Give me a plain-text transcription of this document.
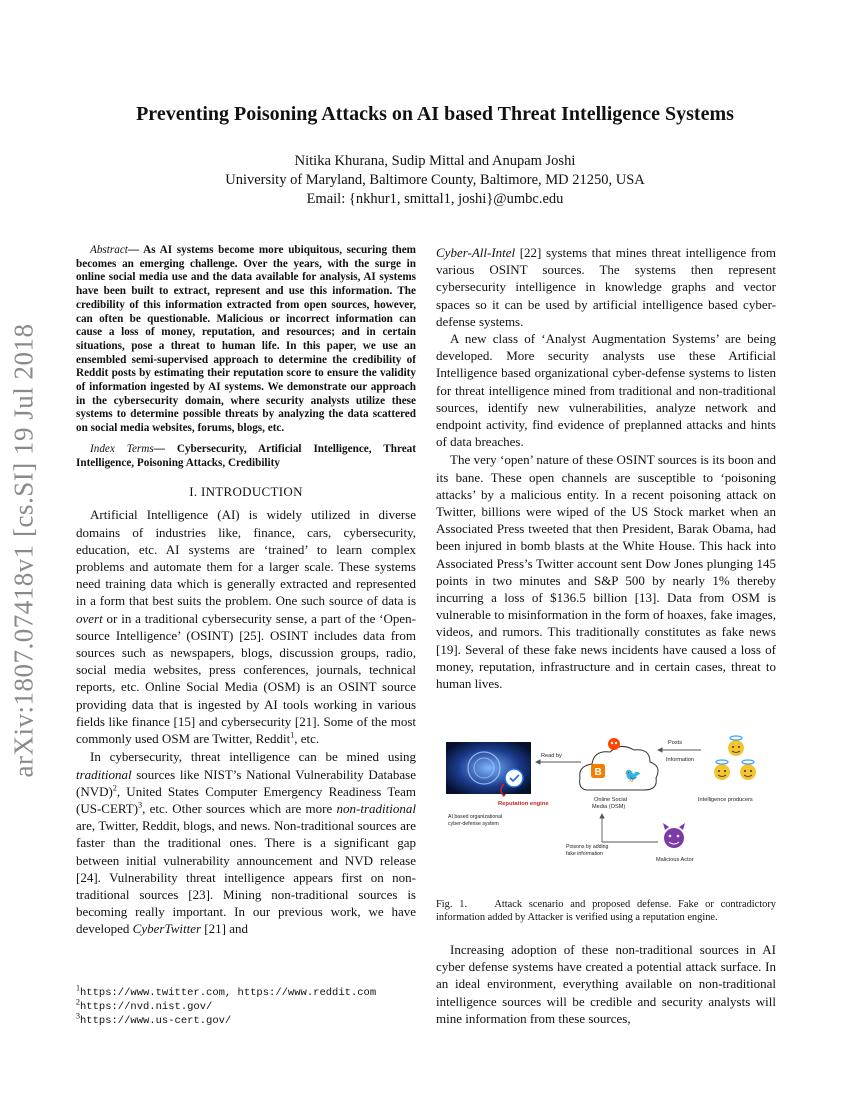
arXiv:1807.07418v1 [cs.SI] 19 Jul 2018
Preventing Poisoning Attacks on AI based Threat Intelligence Systems
Nitika Khurana, Sudip Mittal and Anupam Joshi
University of Maryland, Baltimore County, Baltimore, MD 21250, USA
Email: {nkhur1, smittal1, joshi}@umbc.edu

Abstract— As AI systems become more ubiquitous, securing them becomes an emerging challenge. Over the years, with the surge in online social media use and the data available for analysis, AI systems have been built to extract, represent and use this information. The credibility of this information extracted from open sources, however, can often be questionable. Malicious or incorrect information can cause a loss of money, reputation, and resources; and in certain situations, pose a threat to human life. In this paper, we use an ensembled semi-supervised approach to determine the credibility of Reddit posts by estimating their reputation score to ensure the validity of information ingested by AI systems. We demonstrate our approach in the cybersecurity domain, where security analysts utilize these systems to determine possible threats by analyzing the data scattered on social media websites, forums, blogs, etc.

Index Terms— Cybersecurity, Artificial Intelligence, Threat Intelligence, Poisoning Attacks, Credibility

I. INTRODUCTION

Artificial Intelligence (AI) is widely utilized in diverse domains of industries like, finance, cars, cybersecurity, education, etc. AI systems are ‘trained’ to learn complex problems and automate them for a larger scale. These systems need training data which is generally extracted and represented in a form that best suits the problem. One such source of data is overt or in a traditional cybersecurity sense, a part of the ‘Open-source Intelligence’ (OSINT) [25]. OSINT includes data from sources such as newspapers, blogs, discussion groups, radio, social media websites, press conferences, journals, technical reports, etc. Online Social Media (OSM) is an OSINT source providing data that is ingested by AI tools working in various fields like finance [15] and cybersecurity [21]. Some of the most commonly used OSM are Twitter, Reddit$^1$, etc.

In cybersecurity, threat intelligence can be mined using traditional sources like NIST’s National Vulnerability Database (NVD)$^2$, United States Computer Emergency Readiness Team (US-CERT)$^3$, etc. Other sources which are more non-traditional are, Twitter, Reddit, blogs, and news. Non-traditional sources are faster than the traditional ones. There is a significant gap between initial vulnerability announcement and NVD release [24]. Vulnerability threat intelligence appears first on non-traditional sources [23]. Mining non-traditional sources is becoming really important. In our previous work, we have developed CyberTwitter [21] and

$^1$https://www.twitter.com, https://www.reddit.com
$^2$https://nvd.nist.gov/
$^3$https://www.us-cert.gov/

Cyber-All-Intel [22] systems that mines threat intelligence from various OSINT sources. The systems then represent cybersecurity intelligence in knowledge graphs and vector spaces so it can be used by artificial intelligence based cyber-defense systems.

A new class of ‘Analyst Augmentation Systems’ are being developed. More security analysts use these Artificial Intelligence based organizational cyber-defense systems to listen for threat intelligence mined from traditional and non-traditional sources, identify new vulnerabilities, analyze network and endpoint activity, find evidence of preplanned attacks and hints of data breaches.

The very ‘open’ nature of these OSINT sources is its boon and its bane. These open channels are susceptible to ‘poisoning attacks’ by a malicious entity. In a recent poisoning attack on Twitter, billions were wiped of the US Stock market when an Associated Press tweeted that then President, Barak Obama, had been injured in bomb blasts at the White House. This hack into Associated Press’s Twitter account sent Dow Jones plunging 145 points in two minutes and S&P 500 by nearly 1% thereby incurring a loss of $136.5 billion [13]. Data from OSM is vulnerable to misinformation in the form of hoaxes, fake images, videos, and rumors. This traditionally constitutes as fake news [19]. Several of these fake news incidents have caused a loss of money, reputation, infrastructure and in certain cases, threat to human lives.

Reputation engine
AI based organizational
cyber-defense system
Read by
B 🐦
Online Social
Media (OSM)
Posts
Information
Intelligence producers
Poisons by adding
fake information
Malicious Actor
Fig. 1.	Attack scenario and proposed defense. Fake or contradictory information added by Attacker is verified using a reputation engine.

Increasing adoption of these non-traditional sources in AI cyber defense systems have created a potential attack surface. In an ideal environment, everything available on non-traditional intelligence sources will be credible and security analysts will mine information from these sources,
